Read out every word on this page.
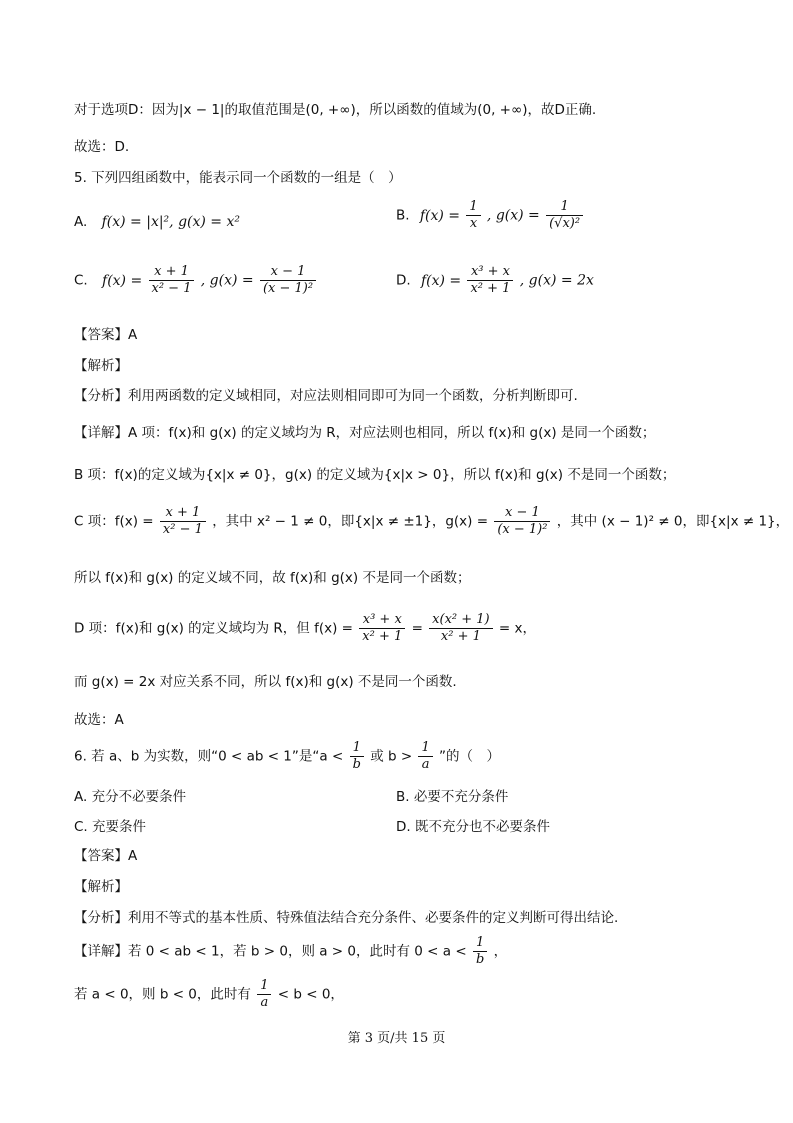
对于选项D：因为|x − 1|的取值范围是(0, +∞)，所以函数的值域为(0, +∞)，故D正确.
故选：D.
5. 下列四组函数中，能表示同一个函数的一组是（　）
A. f(x) = |x|², g(x) = x²	B. $f(x) = \frac{1}{x}$ , $g(x) = \frac{1}{\text{(√x)²}}$
C. $f(x) = \frac{x + 1}{\text{x² − 1}}$ , $g(x) = \frac{x - 1}{\text{(x − 1)²}}$	D. $f(x) = \frac{\text{x³ + x}}{\text{x² + 1}}$ , g(x) = 2x
【答案】A
【解析】
【分析】利用两函数的定义域相同，对应法则相同即可为同一个函数，分析判断即可.
【详解】A 项：f(x)和 g(x) 的定义域均为 R，对应法则也相同，所以 f(x)和 g(x) 是同一个函数；
B 项：f(x)的定义域为{x|x ≠ 0}，g(x) 的定义域为{x|x > 0}，所以 f(x)和 g(x) 不是同一个函数；
C 项：$f(x) = \frac{x + 1}{\text{x² − 1}}$ ，其中 x² − 1 ≠ 0，即{x|x ≠ ±1}，$g(x) = \frac{x - 1}{\text{(x − 1)²}}$ ，其中 (x − 1)² ≠ 0，即{x|x ≠ 1}，
所以 f(x)和 g(x) 的定义域不同，故 f(x)和 g(x) 不是同一个函数；
D 项：f(x)和 g(x) 的定义域均为 R，但 $f(x) = \frac{\text{x³ + x}}{\text{x² + 1}} = \frac{\text{x(x² + 1)}}{\text{x² + 1}} = x$，
而 g(x) = 2x 对应关系不同，所以 f(x)和 g(x) 不是同一个函数.
故选：A
6. 若 a、b 为实数，则“0 < ab < 1”是“$a < \frac{1}{b}$ 或 $b > \frac{1}{a}$ ”的（　）
A. 充分不必要条件	B. 必要不充分条件
C. 充要条件	D. 既不充分也不必要条件
【答案】A
【解析】
【分析】利用不等式的基本性质、特殊值法结合充分条件、必要条件的定义判断可得出结论.
【详解】若 0 < ab < 1，若 b > 0，则 a > 0，此时有 $0 < a < \frac{1}{b}$ ，
若 a < 0，则 b < 0，此时有 $\frac{1}{a} < b < 0$，
第 3 页/共 15 页
